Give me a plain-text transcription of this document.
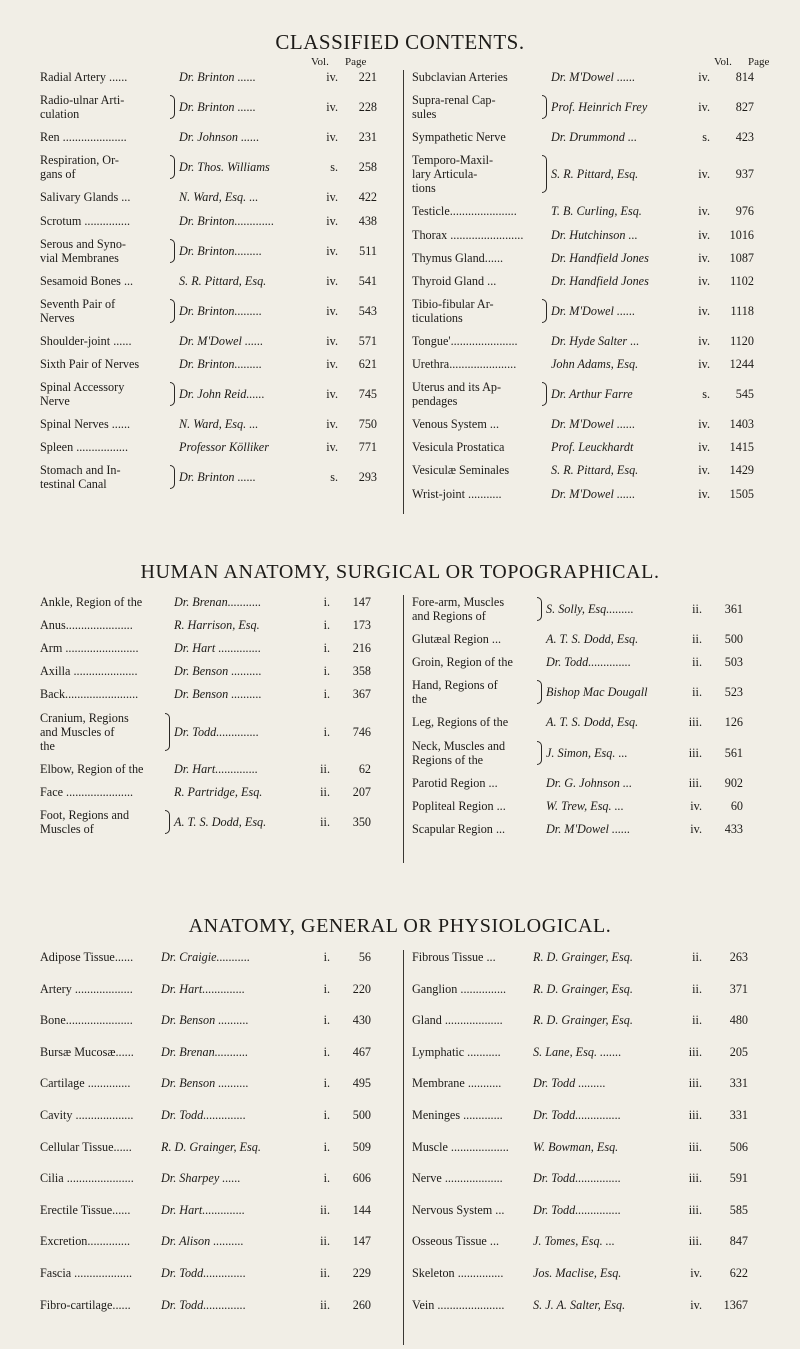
CLASSIFIED CONTENTS.
Vol. Page	Vol. Page
Radial Artery ......	Dr. Brinton ......	iv.	221
Radio-ulnar Arti-
culation	Dr. Brinton ......	iv.	228
Ren .....................	Dr. Johnson ......	iv.	231
Respiration, Or-
gans of	Dr. Thos. Williams	s.	258
Salivary Glands ...	N. Ward, Esq. ...	iv.	422
Scrotum ...............	Dr. Brinton.............	iv.	438
Serous and Syno-
vial Membranes	Dr. Brinton.........	iv.	511
Sesamoid Bones ...	S. R. Pittard, Esq.	iv.	541
Seventh Pair of
Nerves	Dr. Brinton.........	iv.	543
Shoulder-joint ......	Dr. M'Dowel ......	iv.	571
Sixth Pair of Nerves	Dr. Brinton.........	iv.	621
Spinal Accessory
Nerve	Dr. John Reid......	iv.	745
Spinal Nerves ......	N. Ward, Esq. ...	iv.	750
Spleen .................	Professor Kölliker	iv.	771
Stomach and In-
testinal Canal	Dr. Brinton ......	s.	293
Subclavian Arteries	Dr. M'Dowel ......	iv.	814
Supra-renal Cap-
sules	Prof. Heinrich Frey	iv.	827
Sympathetic Nerve	Dr. Drummond ...	s.	423
Temporo-Maxil-
lary Articula-
tions
S. R. Pittard, Esq.	iv.	937
Testicle......................	T. B. Curling, Esq.	iv.	976
Thorax ........................ Dr. Hutchinson ...	iv.	1016
Thymus Gland......	Dr. Handfield Jones	iv.	1087
Thyroid Gland ...	Dr. Handfield Jones	iv.	1102
Tibio-fibular Ar-
ticulations	Dr. M'Dowel ......	iv.	1118
Tongue'......................	Dr. Hyde Salter ...	iv.	1120
Urethra......................	John Adams, Esq.	iv.	1244
Uterus and its Ap-
pendages	Dr. Arthur Farre	s.	545
Venous System ...	Dr. M'Dowel ......	iv.	1403
Vesicula Prostatica	Prof. Leuckhardt	iv.	1415
Vesiculæ Seminales	S. R. Pittard, Esq.	iv.	1429
Wrist-joint ...........	Dr. M'Dowel ......	iv.	1505
HUMAN ANATOMY, SURGICAL OR TOPOGRAPHICAL.
Ankle, Region of the	Dr. Brenan...........	i.	147
Anus......................	R. Harrison, Esq.	i.	173
Arm ........................	Dr. Hart ..............	i.	216
Axilla .....................	Dr. Benson ..........	i.	358
Back........................	Dr. Benson ..........	i.	367
Cranium, Regions
and Muscles of
the
Dr. Todd..............	i.	746
Elbow, Region of the	Dr. Hart..............	ii.	62
Face ......................	R. Partridge, Esq.	ii.	207
Foot, Regions and
Muscles of	A. T. S. Dodd, Esq.	ii.	350
Fore-arm, Muscles
and Regions of	S. Solly, Esq.........	ii.	361
Glutæal Region ...	A. T. S. Dodd, Esq.	ii.	500
Groin, Region of the	Dr. Todd..............	ii.	503
Hand, Regions of
the	Bishop Mac Dougall	ii.	523
Leg, Regions of the	A. T. S. Dodd, Esq.	iii.	126
Neck, Muscles and
Regions of the	J. Simon, Esq. ...	iii.	561
Parotid Region ...	Dr. G. Johnson ...	iii.	902
Popliteal Region ...	W. Trew, Esq. ...	iv.	60
Scapular Region ...	Dr. M'Dowel ......	iv.	433
ANATOMY, GENERAL OR PHYSIOLOGICAL.
Adipose Tissue...... Dr. Craigie...........	i.	56
Artery ................... Dr. Hart..............	i.	220
Bone...................... Dr. Benson ..........	i.	430
Bursæ Mucosæ...... Dr. Brenan...........	i.	467
Cartilage ..............	Dr. Benson ..........	i.	495
Cavity ................... Dr. Todd..............	i.	500
Cellular Tissue...... R. D. Grainger, Esq.	i.	509
Cilia ...................... Dr. Sharpey ......	i.	606
Erectile Tissue......	Dr. Hart..............	ii.	144
Excretion..............	Dr. Alison ..........	ii.	147
Fascia ................... Dr. Todd..............	ii.	229
Fibro-cartilage...... Dr. Todd..............	ii.	260
Fibrous Tissue ...	R. D. Grainger, Esq.	ii.	263
Ganglion ............... R. D. Grainger, Esq.	ii.	371
Gland ................... R. D. Grainger, Esq.	ii.	480
Lymphatic ...........	S. Lane, Esq. .......	iii.	205
Membrane ...........	Dr. Todd .........	iii.	331
Meninges ............. Dr. Todd...............	iii.	331
Muscle ................... W. Bowman, Esq.	iii.	506
Nerve ................... Dr. Todd...............	iii.	591
Nervous System ... Dr. Todd...............	iii.	585
Osseous Tissue ...	J. Tomes, Esq. ...	iii.	847
Skeleton ............... Jos. Maclise, Esq.	iv.	622
Vein ...................... S. J. A. Salter, Esq.	iv.	1367
